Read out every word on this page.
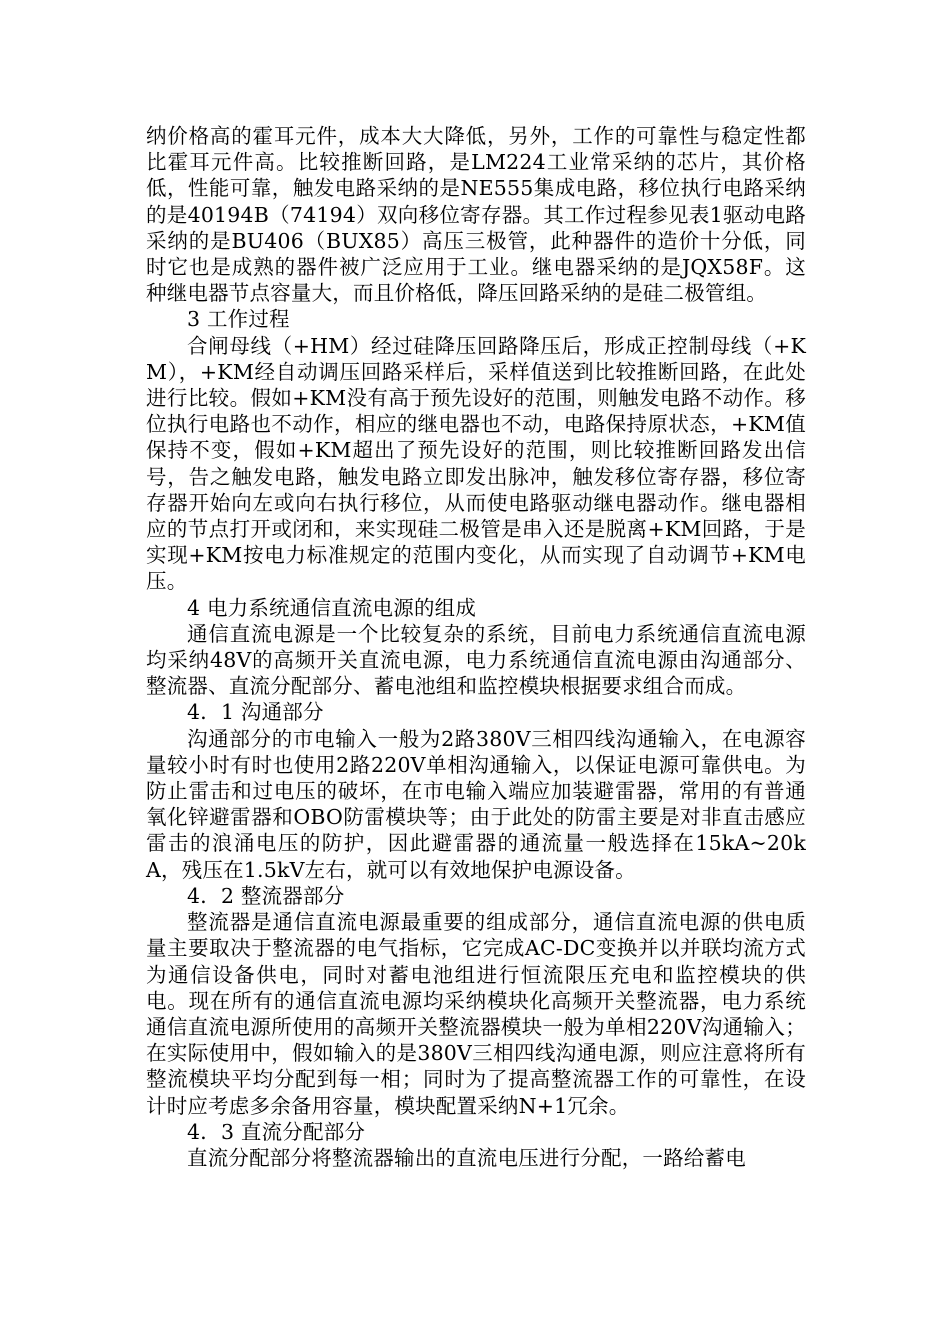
纳价格高的霍耳元件，成本大大降低，另外，工作的可靠性与稳定性都比霍耳元件高。比较推断回路，是LM224工业常采纳的芯片，其价格低，性能可靠，触发电路采纳的是NE555集成电路，移位执行电路采纳的是40194B（74194）双向移位寄存器。其工作过程参见表1驱动电路采纳的是BU406（BUX85）高压三极管，此种器件的造价十分低，同时它也是成熟的器件被广泛应用于工业。继电器采纳的是JQX58F。这种继电器节点容量大，而且价格低，降压回路采纳的是硅二极管组。

3 工作过程

合闸母线（+HM）经过硅降压回路降压后，形成正控制母线（+KM），+KM经自动调压回路采样后，采样值送到比较推断回路，在此处进行比较。假如+KM没有高于预先设好的范围，则触发电路不动作。移位执行电路也不动作，相应的继电器也不动，电路保持原状态，+KM值保持不变，假如+KM超出了预先设好的范围，则比较推断回路发出信号，告之触发电路，触发电路立即发出脉冲，触发移位寄存器，移位寄存器开始向左或向右执行移位，从而使电路驱动继电器动作。继电器相应的节点打开或闭和，来实现硅二极管是串入还是脱离+KM回路，于是实现+KM按电力标准规定的范围内变化，从而实现了自动调节+KM电压。

4 电力系统通信直流电源的组成

通信直流电源是一个比较复杂的系统，目前电力系统通信直流电源均采纳48V的高频开关直流电源，电力系统通信直流电源由沟通部分、整流器、直流分配部分、蓄电池组和监控模块根据要求组合而成。

4．1 沟通部分

沟通部分的市电输入一般为2路380V三相四线沟通输入，在电源容量较小时有时也使用2路220V单相沟通输入，以保证电源可靠供电。为防止雷击和过电压的破坏，在市电输入端应加装避雷器，常用的有普通氧化锌避雷器和OBO防雷模块等；由于此处的防雷主要是对非直击感应雷击的浪涌电压的防护，因此避雷器的通流量一般选择在15kA~20kA，残压在1.5kV左右，就可以有效地保护电源设备。

4．2 整流器部分

整流器是通信直流电源最重要的组成部分，通信直流电源的供电质量主要取决于整流器的电气指标，它完成AC-DC变换并以并联均流方式为通信设备供电，同时对蓄电池组进行恒流限压充电和监控模块的供电。现在所有的通信直流电源均采纳模块化高频开关整流器，电力系统通信直流电源所使用的高频开关整流器模块一般为单相220V沟通输入；在实际使用中，假如输入的是380V三相四线沟通电源，则应注意将所有整流模块平均分配到每一相；同时为了提高整流器工作的可靠性，在设计时应考虑多余备用容量，模块配置采纳N+1冗余。

4．3 直流分配部分

直流分配部分将整流器输出的直流电压进行分配，一路给蓄电
